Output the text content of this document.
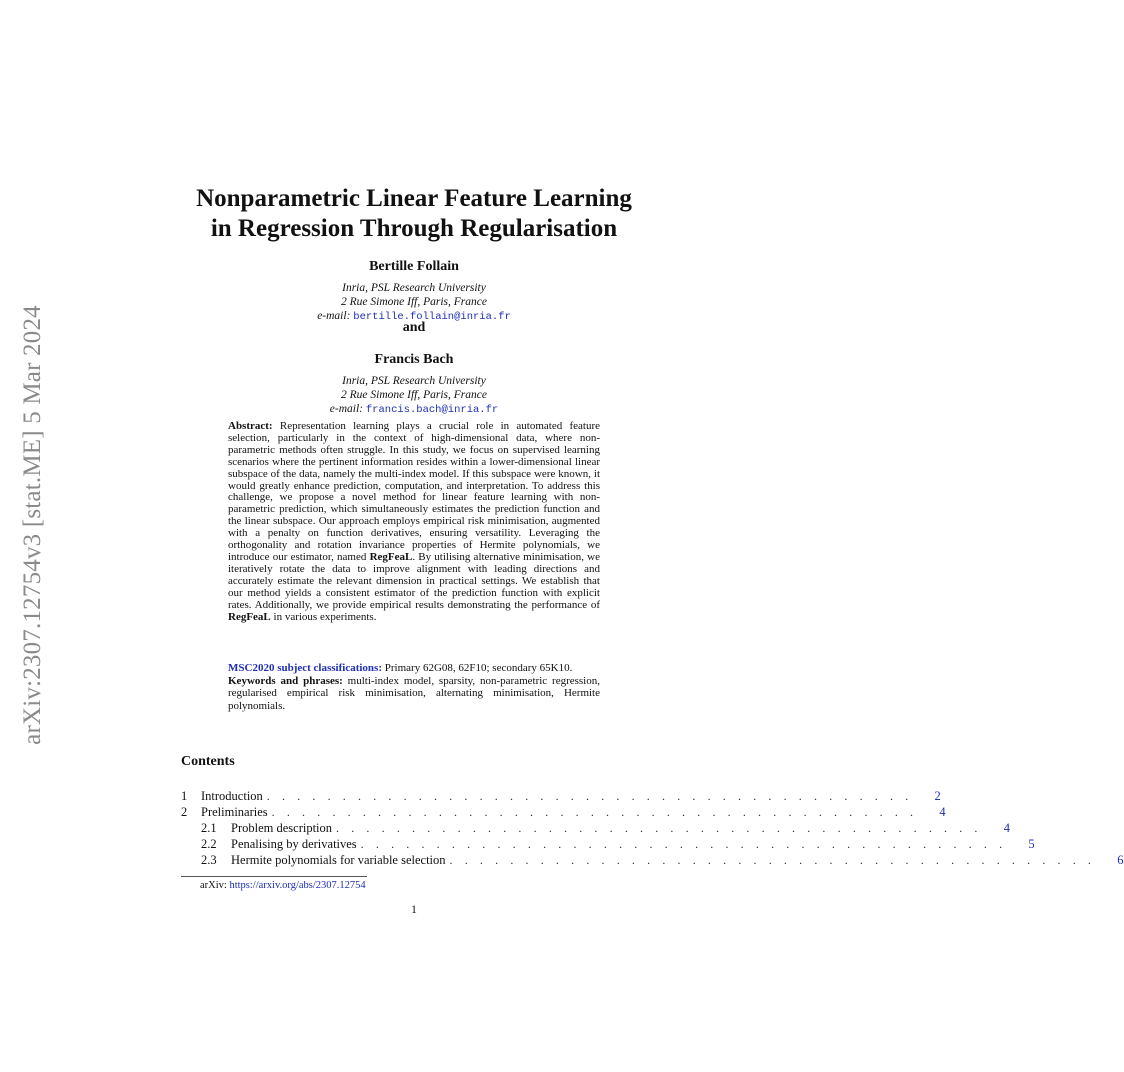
arXiv:2307.12754v3 [stat.ME] 5 Mar 2024
Nonparametric Linear Feature Learning
in Regression Through Regularisation
Bertille Follain
Inria, PSL Research University
2 Rue Simone Iff, Paris, France
e-mail: bertille.follain@inria.fr
and
Francis Bach
Inria, PSL Research University
2 Rue Simone Iff, Paris, France
e-mail: francis.bach@inria.fr

Abstract: Representation learning plays a crucial role in automated feature selection, particularly in the context of high-dimensional data, where non-parametric methods often struggle. In this study, we focus on supervised learning scenarios where the pertinent information resides within a lower-dimensional linear subspace of the data, namely the multi-index model. If this subspace were known, it would greatly enhance prediction, computation, and interpretation. To address this challenge, we propose a novel method for linear feature learning with non-parametric prediction, which simultaneously estimates the prediction function and the linear subspace. Our approach employs empirical risk minimisation, augmented with a penalty on function derivatives, ensuring versatility. Leveraging the orthogonality and rotation invariance properties of Hermite polynomials, we introduce our estimator, named RegFeaL. By utilising alternative minimisation, we iteratively rotate the data to improve alignment with leading directions and accurately estimate the relevant dimension in practical settings. We establish that our method yields a consistent estimator of the prediction function with explicit rates. Additionally, we provide empirical results demonstrating the performance of RegFeaL in various experiments.

MSC2020 subject classifications: Primary 62G08, 62F10; secondary 65K10.

Keywords and phrases: multi-index model, sparsity, non-parametric regression, regularised empirical risk minimisation, alternating minimisation, Hermite polynomials.

Contents
1	Introduction . . . . . . . . . . . . . . . . . . . . . . . . . . . . . . . . . . . . . . . . . . .	2
2	Preliminaries . . . . . . . . . . . . . . . . . . . . . . . . . . . . . . . . . . . . . . . . . . .	4
2.1	Problem description . . . . . . . . . . . . . . . . . . . . . . . . . . . . . . . . . . . . . . . . . . .	4
2.2	Penalising by derivatives . . . . . . . . . . . . . . . . . . . . . . . . . . . . . . . . . . . . . . . . . . .	5
2.3	Hermite polynomials for variable selection . . . . . . . . . . . . . . . . . . . . . . . . . . . . . . . . . . . . . . . . . . .	6
arXiv: https://arxiv.org/abs/2307.12754
1
